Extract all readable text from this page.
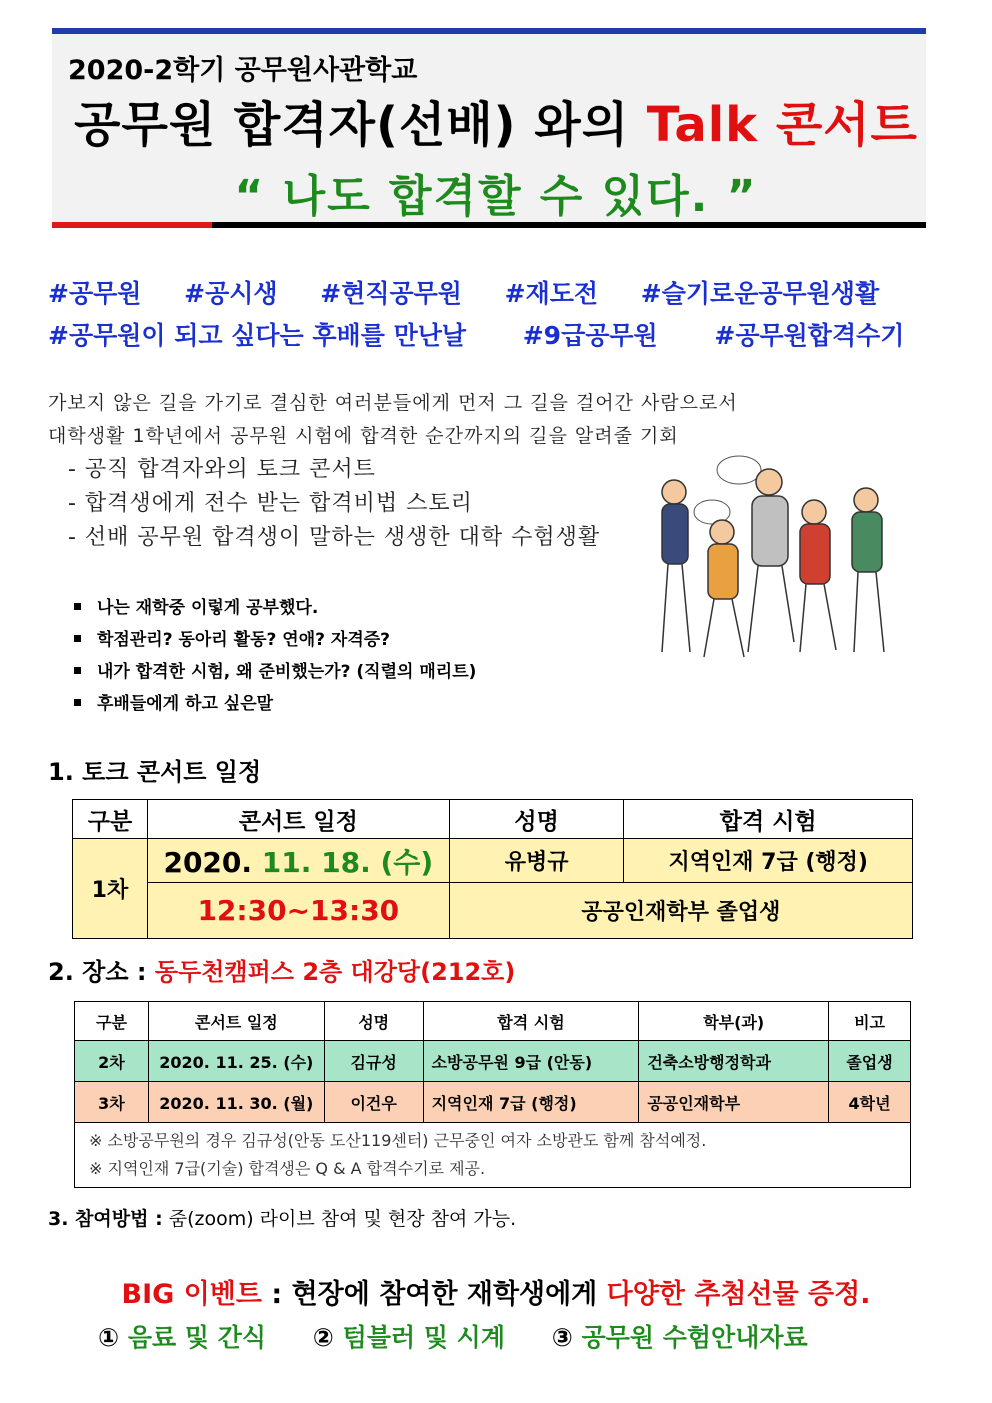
2020-2학기 공무원사관학교
공무원 합격자(선배) 와의 Talk 콘서트
“ 나도 합격할 수 있다. ”
#공무원 #공시생 #현직공무원 #재도전 #슬기로운공무원생활
#공무원이 되고 싶다는 후배를 만난날 #9급공무원 #공무원합격수기
가보지 않은 길을 가기로 결심한 여러분들에게 먼저 그 길을 걸어간 사람으로서
대학생활 1학년에서 공무원 시험에 합격한 순간까지의 길을 알려줄 기회
- 공직 합격자와의 토크 콘서트
- 합격생에게 전수 받는 합격비법 스토리
- 선배 공무원 합격생이 말하는 생생한 대학 수험생활
나는 재학중 이렇게 공부했다.
학점관리? 동아리 활동? 연애? 자격증?
내가 합격한 시험, 왜 준비했는가? (직렬의 매리트)
후배들에게 하고 싶은말
1. 토크 콘서트 일정
구분	콘서트 일정	성명	합격 시험
1차	2020. 11. 18. (수)	유병규	지역인재 7급 (행정)
	12:30~13:30	공공인재학부 졸업생	
2. 장소 : 동두천캠퍼스 2층 대강당(212호)
구분	콘서트 일정	성명	합격 시험	학부(과)	비고
2차	2020. 11. 25. (수)	김규성	소방공무원 9급 (안동)	건축소방행정학과	졸업생
3차	2020. 11. 30. (월)	이건우	지역인재 7급 (행정)	공공인재학부	4학년

※ 소방공무원의 경우 김규성(안동 도산119센터) 근무중인 여자 소방관도 함께 참석예정.
※ 지역인재 7급(기술) 합격생은 Q & A 합격수기로 제공.					
3. 참여방법 : 줌(zoom) 라이브 참여 및 현장 참여 가능.
BIG 이벤트 : 현장에 참여한 재학생에게 다양한 추첨선물 증정.
① 음료 및 간식 ② 텀블러 및 시계 ③ 공무원 수험안내자료
